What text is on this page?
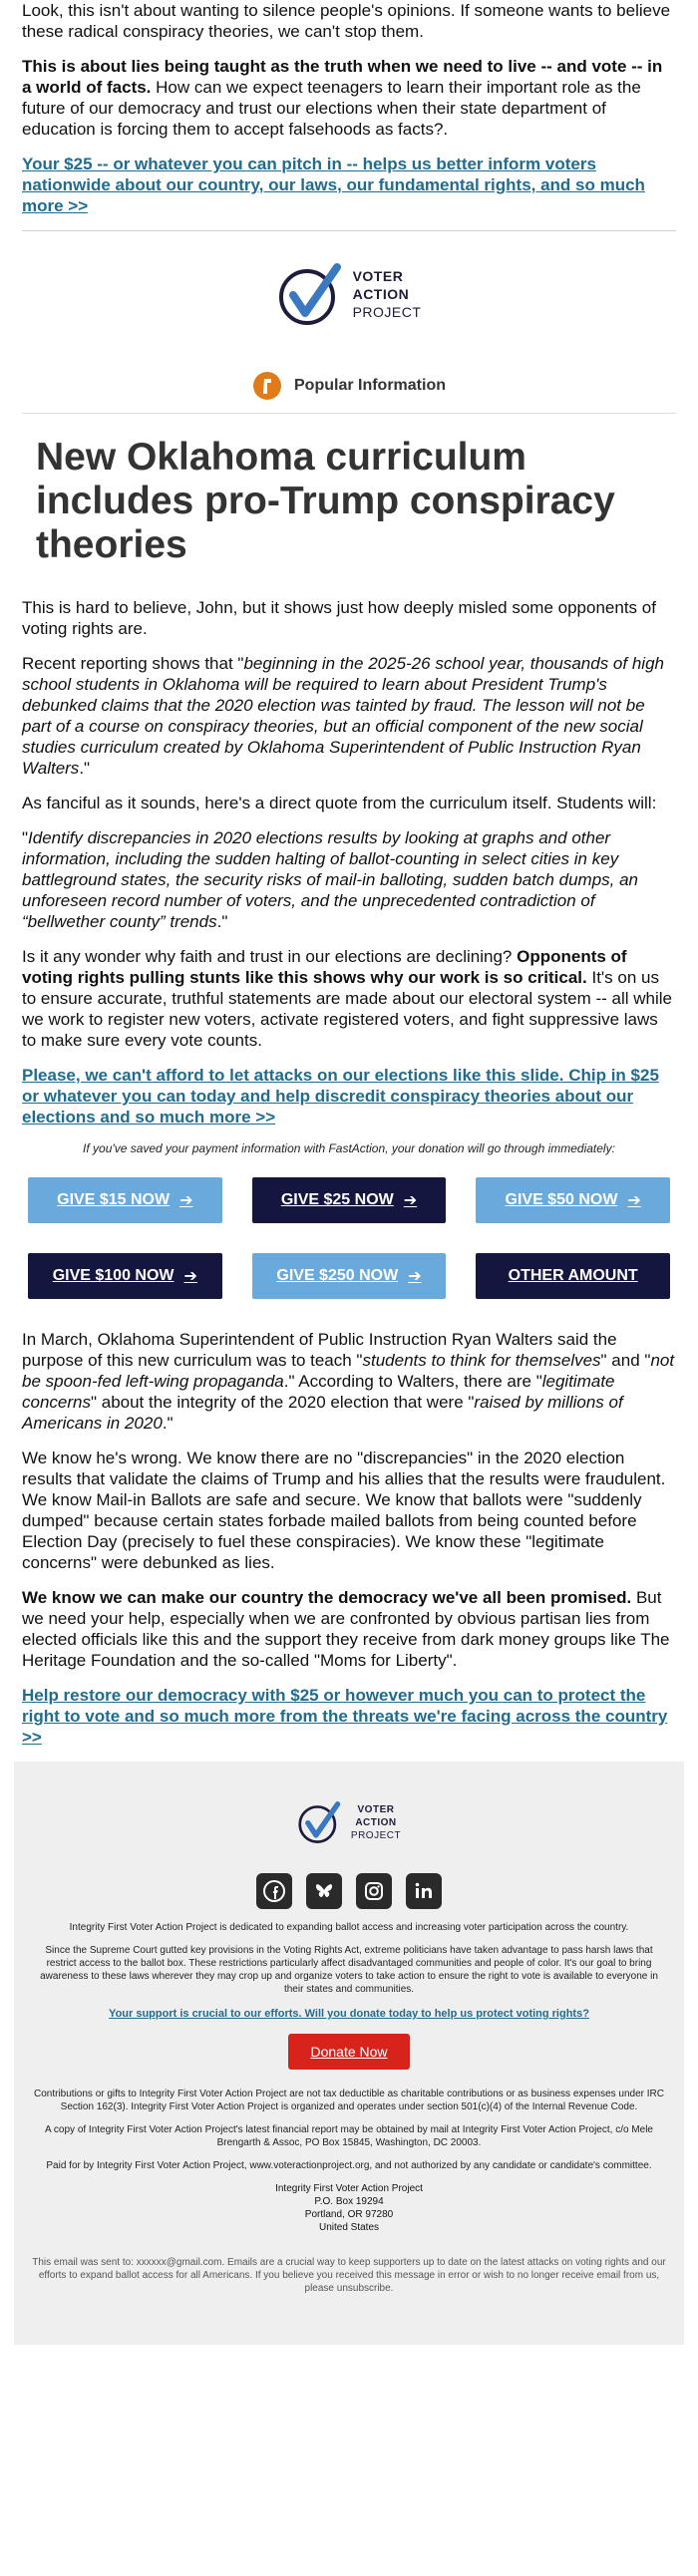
Look, this isn't about wanting to silence people's opinions. If someone wants to believe these radical conspiracy theories, we can't stop them.

This is about lies being taught as the truth when we need to live -- and vote -- in a world of facts. How can we expect teenagers to learn their important role as the future of our democracy and trust our elections when their state department of education is forcing them to accept falsehoods as facts?.

Your $25 -- or whatever you can pitch in -- helps us better inform voters nationwide about our country, our laws, our fundamental rights, and so much more >>
VOTER
ACTION
PROJECT
Popular Information
New Oklahoma curriculum includes pro-Trump conspiracy theories

This is hard to believe, John, but it shows just how deeply misled some opponents of voting rights are.

Recent reporting shows that "beginning in the 2025-26 school year, thousands of high school students in Oklahoma will be required to learn about President Trump's debunked claims that the 2020 election was tainted by fraud. The lesson will not be part of a course on conspiracy theories, but an official component of the new social studies curriculum created by Oklahoma Superintendent of Public Instruction Ryan Walters."

As fanciful as it sounds, here's a direct quote from the curriculum itself. Students will:

"Identify discrepancies in 2020 elections results by looking at graphs and other information, including the sudden halting of ballot-counting in select cities in key battleground states, the security risks of mail-in balloting, sudden batch dumps, an unforeseen record number of voters, and the unprecedented contradiction of “bellwether county” trends."

Is it any wonder why faith and trust in our elections are declining? Opponents of voting rights pulling stunts like this shows why our work is so critical. It's on us to ensure accurate, truthful statements are made about our electoral system -- all while we work to register new voters, activate registered voters, and fight suppressive laws to make sure every vote counts.

Please, we can't afford to let attacks on our elections like this slide. Chip in $25 or whatever you can today and help discredit conspiracy theories about our elections and so much more >>

If you've saved your payment information with FastAction, your donation will go through immediately:

GIVE $15 NOW ➔	GIVE $25 NOW ➔	GIVE $50 NOW ➔
GIVE $100 NOW ➔	GIVE $250 NOW ➔	OTHER AMOUNT

In March, Oklahoma Superintendent of Public Instruction Ryan Walters said the purpose of this new curriculum was to teach "students to think for themselves" and "not be spoon-fed left-wing propaganda." According to Walters, there are "legitimate concerns" about the integrity of the 2020 election that were "raised by millions of Americans in 2020."

We know he's wrong. We know there are no "discrepancies" in the 2020 election results that validate the claims of Trump and his allies that the results were fraudulent. We know Mail-in Ballots are safe and secure. We know that ballots were "suddenly dumped" because certain states forbade mailed ballots from being counted before Election Day (precisely to fuel these conspiracies). We know these "legitimate concerns" were debunked as lies.

We know we can make our country the democracy we've all been promised. But we need your help, especially when we are confronted by obvious partisan lies from elected officials like this and the support they receive from dark money groups like The Heritage Foundation and the so-called "Moms for Liberty".

Help restore our democracy with $25 or however much you can to protect the right to vote and so much more from the threats we're facing across the country >>
VOTER
ACTION
PROJECT

Integrity First Voter Action Project is dedicated to expanding ballot access and increasing voter participation across the country.

Since the Supreme Court gutted key provisions in the Voting Rights Act, extreme politicians have taken advantage to pass harsh laws that restrict access to the ballot box. These restrictions particularly affect disadvantaged communities and people of color. It's our goal to bring awareness to these laws wherever they may crop up and organize voters to take action to ensure the right to vote is available to everyone in their states and communities.

Your support is crucial to our efforts. Will you donate today to help us protect voting rights?
Donate Now

Contributions or gifts to Integrity First Voter Action Project are not tax deductible as charitable contributions or as business expenses under IRC Section 162(3). Integrity First Voter Action Project is organized and operates under section 501(c)(4) of the Internal Revenue Code.

A copy of Integrity First Voter Action Project's latest financial report may be obtained by mail at Integrity First Voter Action Project, c/o Mele Brengarth & Assoc, PO Box 15845, Washington, DC 20003.

Paid for by Integrity First Voter Action Project, www.voteractionproject.org, and not authorized by any candidate or candidate's committee.

Integrity First Voter Action Project
P.O. Box 19294
Portland, OR 97280
United States

This email was sent to: xxxxxx@gmail.com. Emails are a crucial way to keep supporters up to date on the latest attacks on voting rights and our efforts to expand ballot access for all Americans. If you believe you received this message in error or wish to no longer receive email from us, please unsubscribe.
